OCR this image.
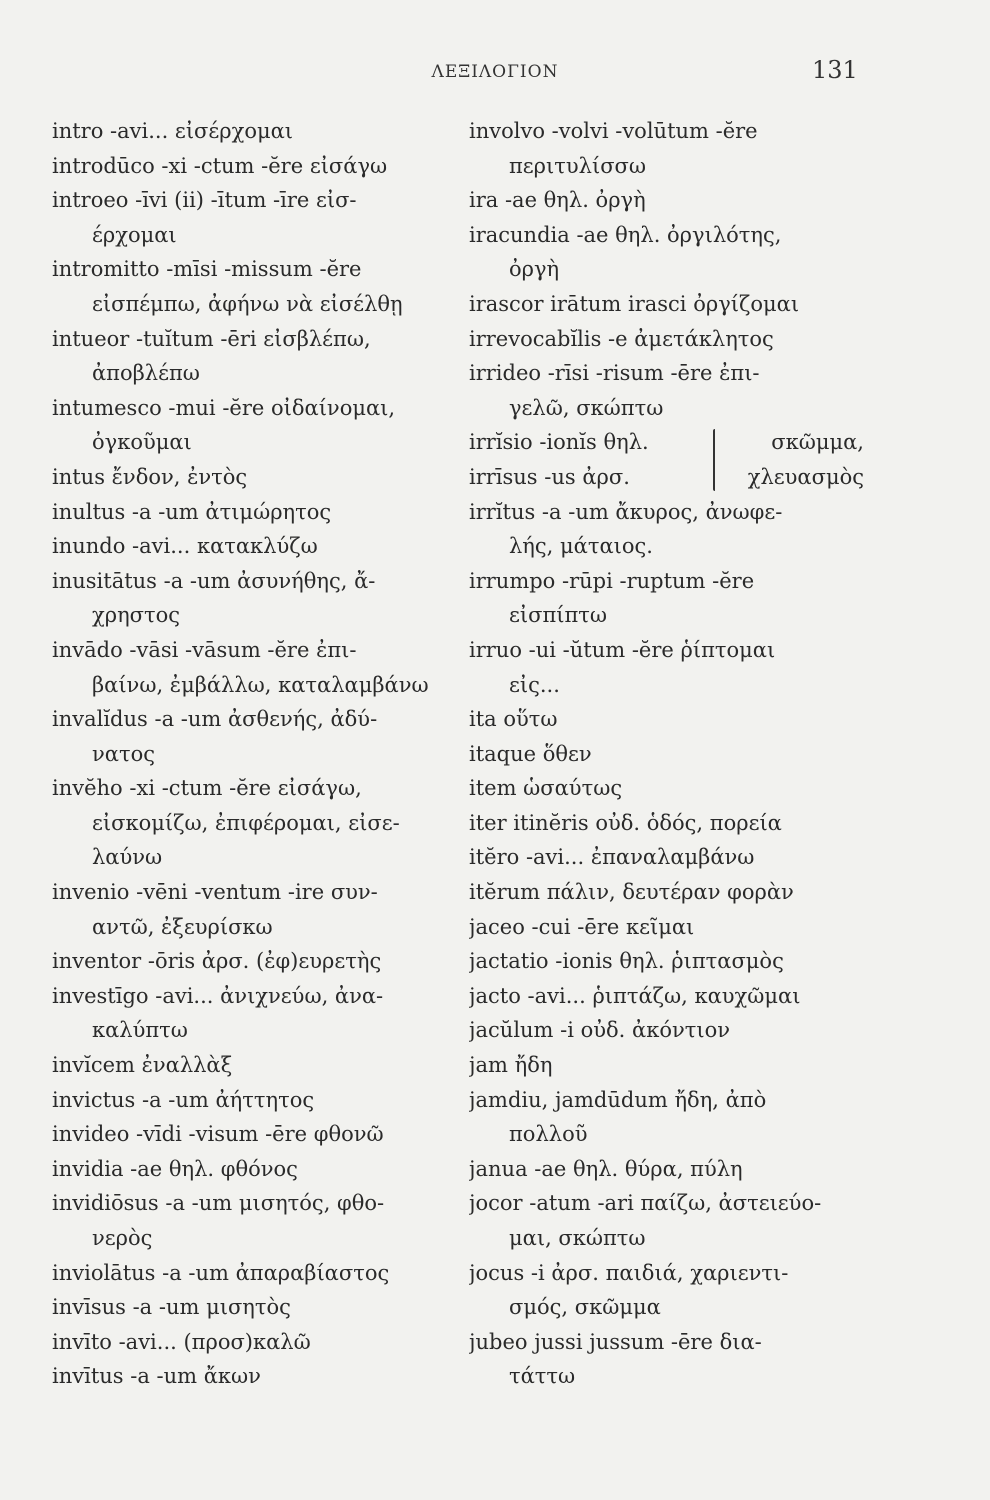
ΛΕΞΙΛΟΓΙΟΝ	131
intro -avi... εἰσέρχομαι
introdūco -xi -ctum -ĕre εἰσάγω
introeo -īvi (ii) -ītum -īre εἰσ-
έρχομαι
intromitto -mīsi -missum -ĕre
εἰσπέμπω, ἀφήνω νὰ εἰσέλθῃ
intueor -tuĭtum -ēri εἰσβλέπω,
ἀποβλέπω
intumesco -mui -ĕre οἰδαίνομαι,
ὀγκοῦμαι
intus ἔνδον, ἐντὸς
inultus -a -um ἀτιμώρητος
inundo -avi... κατακλύζω
inusitātus -a -um ἀσυνήθης, ἄ-
χρηστος
invādo -vāsi -vāsum -ĕre ἐπι-
βαίνω, ἐμβάλλω, καταλαμβάνω
invalĭdus -a -um ἀσθενής, ἀδύ-
νατος
invĕho -xi -ctum -ĕre εἰσάγω,
εἰσκομίζω, ἐπιφέρομαι, εἰσε-
λαύνω
invenio -vēni -ventum -ire συν-
αντῶ, ἐξευρίσκω
inventor -ōris ἀρσ. (ἐφ)ευρετὴς
investīgo -avi... ἀνιχνεύω, ἀνα-
καλύπτω
invĭcem ἐναλλὰξ
invictus -a -um ἀήττητος
invideo -vīdi -visum -ēre φθονῶ
invidia -ae θηλ. φθόνος
invidiōsus -a -um μισητός, φθο-
νερὸς
inviolātus -a -um ἀπαραβίαστος
invīsus -a -um μισητὸς
invīto -avi... (προσ)καλῶ
invītus -a -um ἄκων
involvo -volvi -volūtum -ĕre
περιτυλίσσω
ira -ae θηλ. ὀργὴ
iracundia -ae θηλ. ὀργιλότης,
ὀργὴ
irascor irātum irasci ὀργίζομαι
irrevocabĭlis -e ἀμετάκλητος
irrideo -rīsi -risum -ēre ἐπι-
γελῶ, σκώπτω
irrĭsio -ionĭs θηλ.
irrīsus -us ἀρσ.
σκῶμμα,
χλευασμὸς
irrĭtus -a -um ἄκυρος, ἀνωφε-
λής, μάταιος.
irrumpo -rūpi -ruptum -ĕre
εἰσπίπτω
irruo -ui -ŭtum -ĕre ῥίπτομαι
εἰς...
ita οὕτω
itaque ὅθεν
item ὡσαύτως
iter itinĕris οὐδ. ὁδός, πορεία
itĕro -avi... ἐπαναλαμβάνω
itĕrum πάλιν, δευτέραν φορὰν
jaceo -cui -ēre κεῖμαι
jactatio -ionis θηλ. ῥιπτασμὸς
jacto -avi... ῥιπτάζω, καυχῶμαι
jacŭlum -i οὐδ. ἀκόντιον
jam ἤδη
jamdiu, jamdūdum ἤδη, ἀπὸ
πολλοῦ
janua -ae θηλ. θύρα, πύλη
jocor -atum -ari παίζω, ἀστειεύο-
μαι, σκώπτω
jocus -i ἀρσ. παιδιά, χαριεντι-
σμός, σκῶμμα
jubeo jussi jussum -ēre δια-
τάττω
